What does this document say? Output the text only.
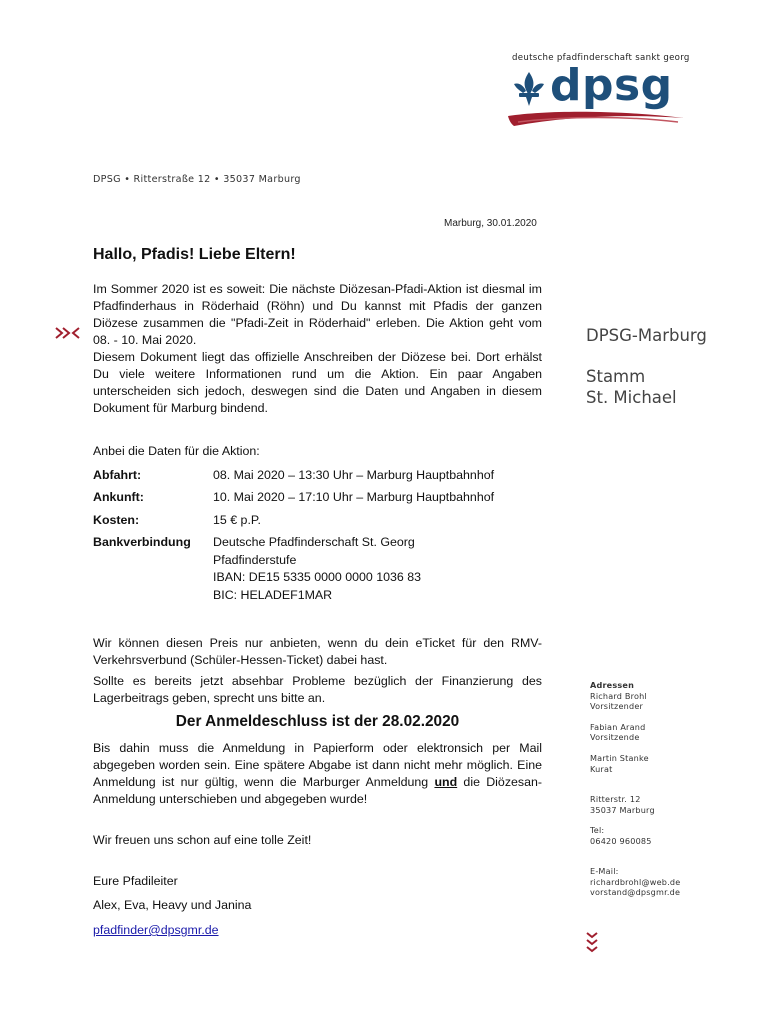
deutsche pfadfinderschaft sankt georg
dpsg
DPSG • Ritterstraße 12 • 35037 Marburg
Marburg, 30.01.2020
Hallo, Pfadis! Liebe Eltern!
Im Sommer 2020 ist es soweit: Die nächste Diözesan-Pfadi-Aktion ist diesmal im Pfadfinderhaus in Röderhaid (Röhn) und Du kannst mit Pfadis der ganzen Diözese zusammen die "Pfadi-Zeit in Röderhaid" erleben. Die Aktion geht vom 08. - 10. Mai 2020.
Diesem Dokument liegt das offizielle Anschreiben der Diözese bei. Dort erhälst Du viele weitere Informationen rund um die Aktion. Ein paar Angaben unterscheiden sich jedoch, deswegen sind die Daten und Angaben in diesem Dokument für Marburg bindend.
DPSG-Marburg
Stamm
St. Michael
Anbei die Daten für die Aktion:
Abfahrt:	08. Mai 2020 – 13:30 Uhr – Marburg Hauptbahnhof
Ankunft:	10. Mai 2020 – 17:10 Uhr – Marburg Hauptbahnhof
Kosten:	15 € p.P.
Bankverbindung Deutsche Pfadfinderschaft St. Georg
Pfadfinderstufe
IBAN: DE15 5335 0000 0000 1036 83
BIC: HELADEF1MAR
Wir können diesen Preis nur anbieten, wenn du dein eTicket für den RMV-Verkehrsverbund (Schüler-Hessen-Ticket) dabei hast.
Sollte es bereits jetzt absehbar Probleme bezüglich der Finanzierung des Lagerbeitrags geben, sprecht uns bitte an.
Der Anmeldeschluss ist der 28.02.2020
Bis dahin muss die Anmeldung in Papierform oder elektronsich per Mail abgegeben worden sein. Eine spätere Abgabe ist dann nicht mehr möglich. Eine Anmeldung ist nur gültig, wenn die Marburger Anmeldung und die Diözesan-Anmeldung unterschieben und abgegeben wurde!
Wir freuen uns schon auf eine tolle Zeit!
Eure Pfadileiter
Alex, Eva, Heavy und Janina
pfadfinder@dpsgmr.de
Adressen
Richard Brohl
Vorsitzender
Fabian Arand
Vorsitzende
Martin Stanke
Kurat
Ritterstr. 12
35037 Marburg
Tel:
06420 960085
E-Mail:
richardbrohl@web.de
vorstand@dpsgmr.de
